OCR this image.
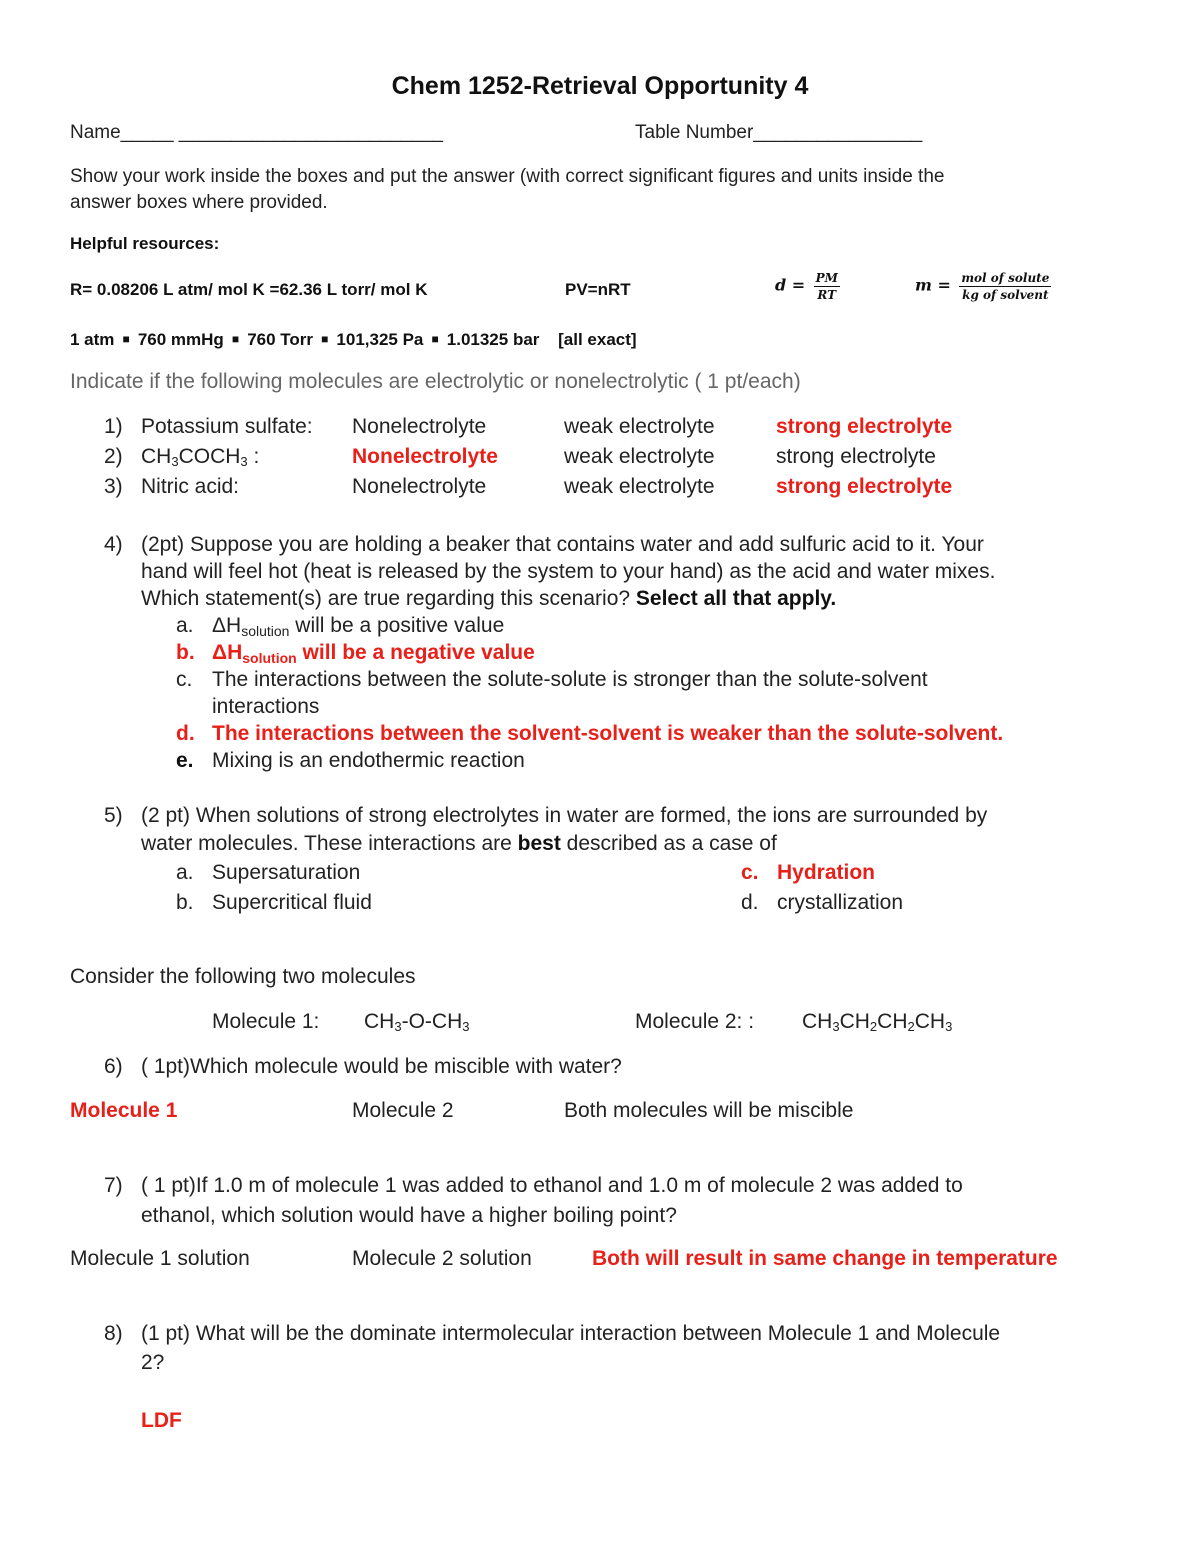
Chem 1252-Retrieval Opportunity 4
Name_____ _________________________	Table Number________________
Show your work inside the boxes and put the answer (with correct significant figures and units inside the
answer boxes where provided.
Helpful resources:
R= 0.08206 L atm/ mol K =62.36 L torr/ mol K	PV=nRT	$d = \frac{PM}{RT}$	$m = \frac{\text{mol of solute}}{\text{kg of solvent}}$
1 atm  ■  760 mmHg  ■  760 Torr  ■  101,325 Pa  ■  1.01325 bar [all exact]
Indicate if the following molecules are electrolytic or nonelectrolytic ( 1 pt/each)
1) Potassium sulfate: Nonelectrolyte	weak electrolyte	strong electrolyte
2) $CH_3COCH_3$ :	Nonelectrolyte	weak electrolyte	strong electrolyte
3) Nitric acid:	Nonelectrolyte	weak electrolyte	strong electrolyte
4) (2pt) Suppose you are holding a beaker that contains water and add sulfuric acid to it. Your
hand will feel hot (heat is released by the system to your hand) as the acid and water mixes.
Which statement(s) are true regarding this scenario? Select all that apply.
a. ΔHsolution will be a positive value
b. ΔHsolution will be a negative value
c. The interactions between the solute-solute is stronger than the solute-solvent
interactions
d. The interactions between the solvent-solvent is weaker than the solute-solvent.
e. Mixing is an endothermic reaction
5) (2 pt) When solutions of strong electrolytes in water are formed, the ions are surrounded by
water molecules. These interactions are best described as a case of
a. Supersaturation
b. Supercritical fluid
c. Hydration
d. crystallization
Consider the following two molecules
Molecule 1: $CH_3-O-CH_3$	Molecule 2: : $CH_3CH_2CH_2CH_3$
6) ( 1pt)Which molecule would be miscible with water?
Molecule 1	Molecule 2	Both molecules will be miscible
7) ( 1 pt)If 1.0 m of molecule 1 was added to ethanol and 1.0 m of molecule 2 was added to
ethanol, which solution would have a higher boiling point?
Molecule 1 solution	Molecule 2 solution	Both will result in same change in temperature
8) (1 pt) What will be the dominate intermolecular interaction between Molecule 1 and Molecule
2?
LDF
